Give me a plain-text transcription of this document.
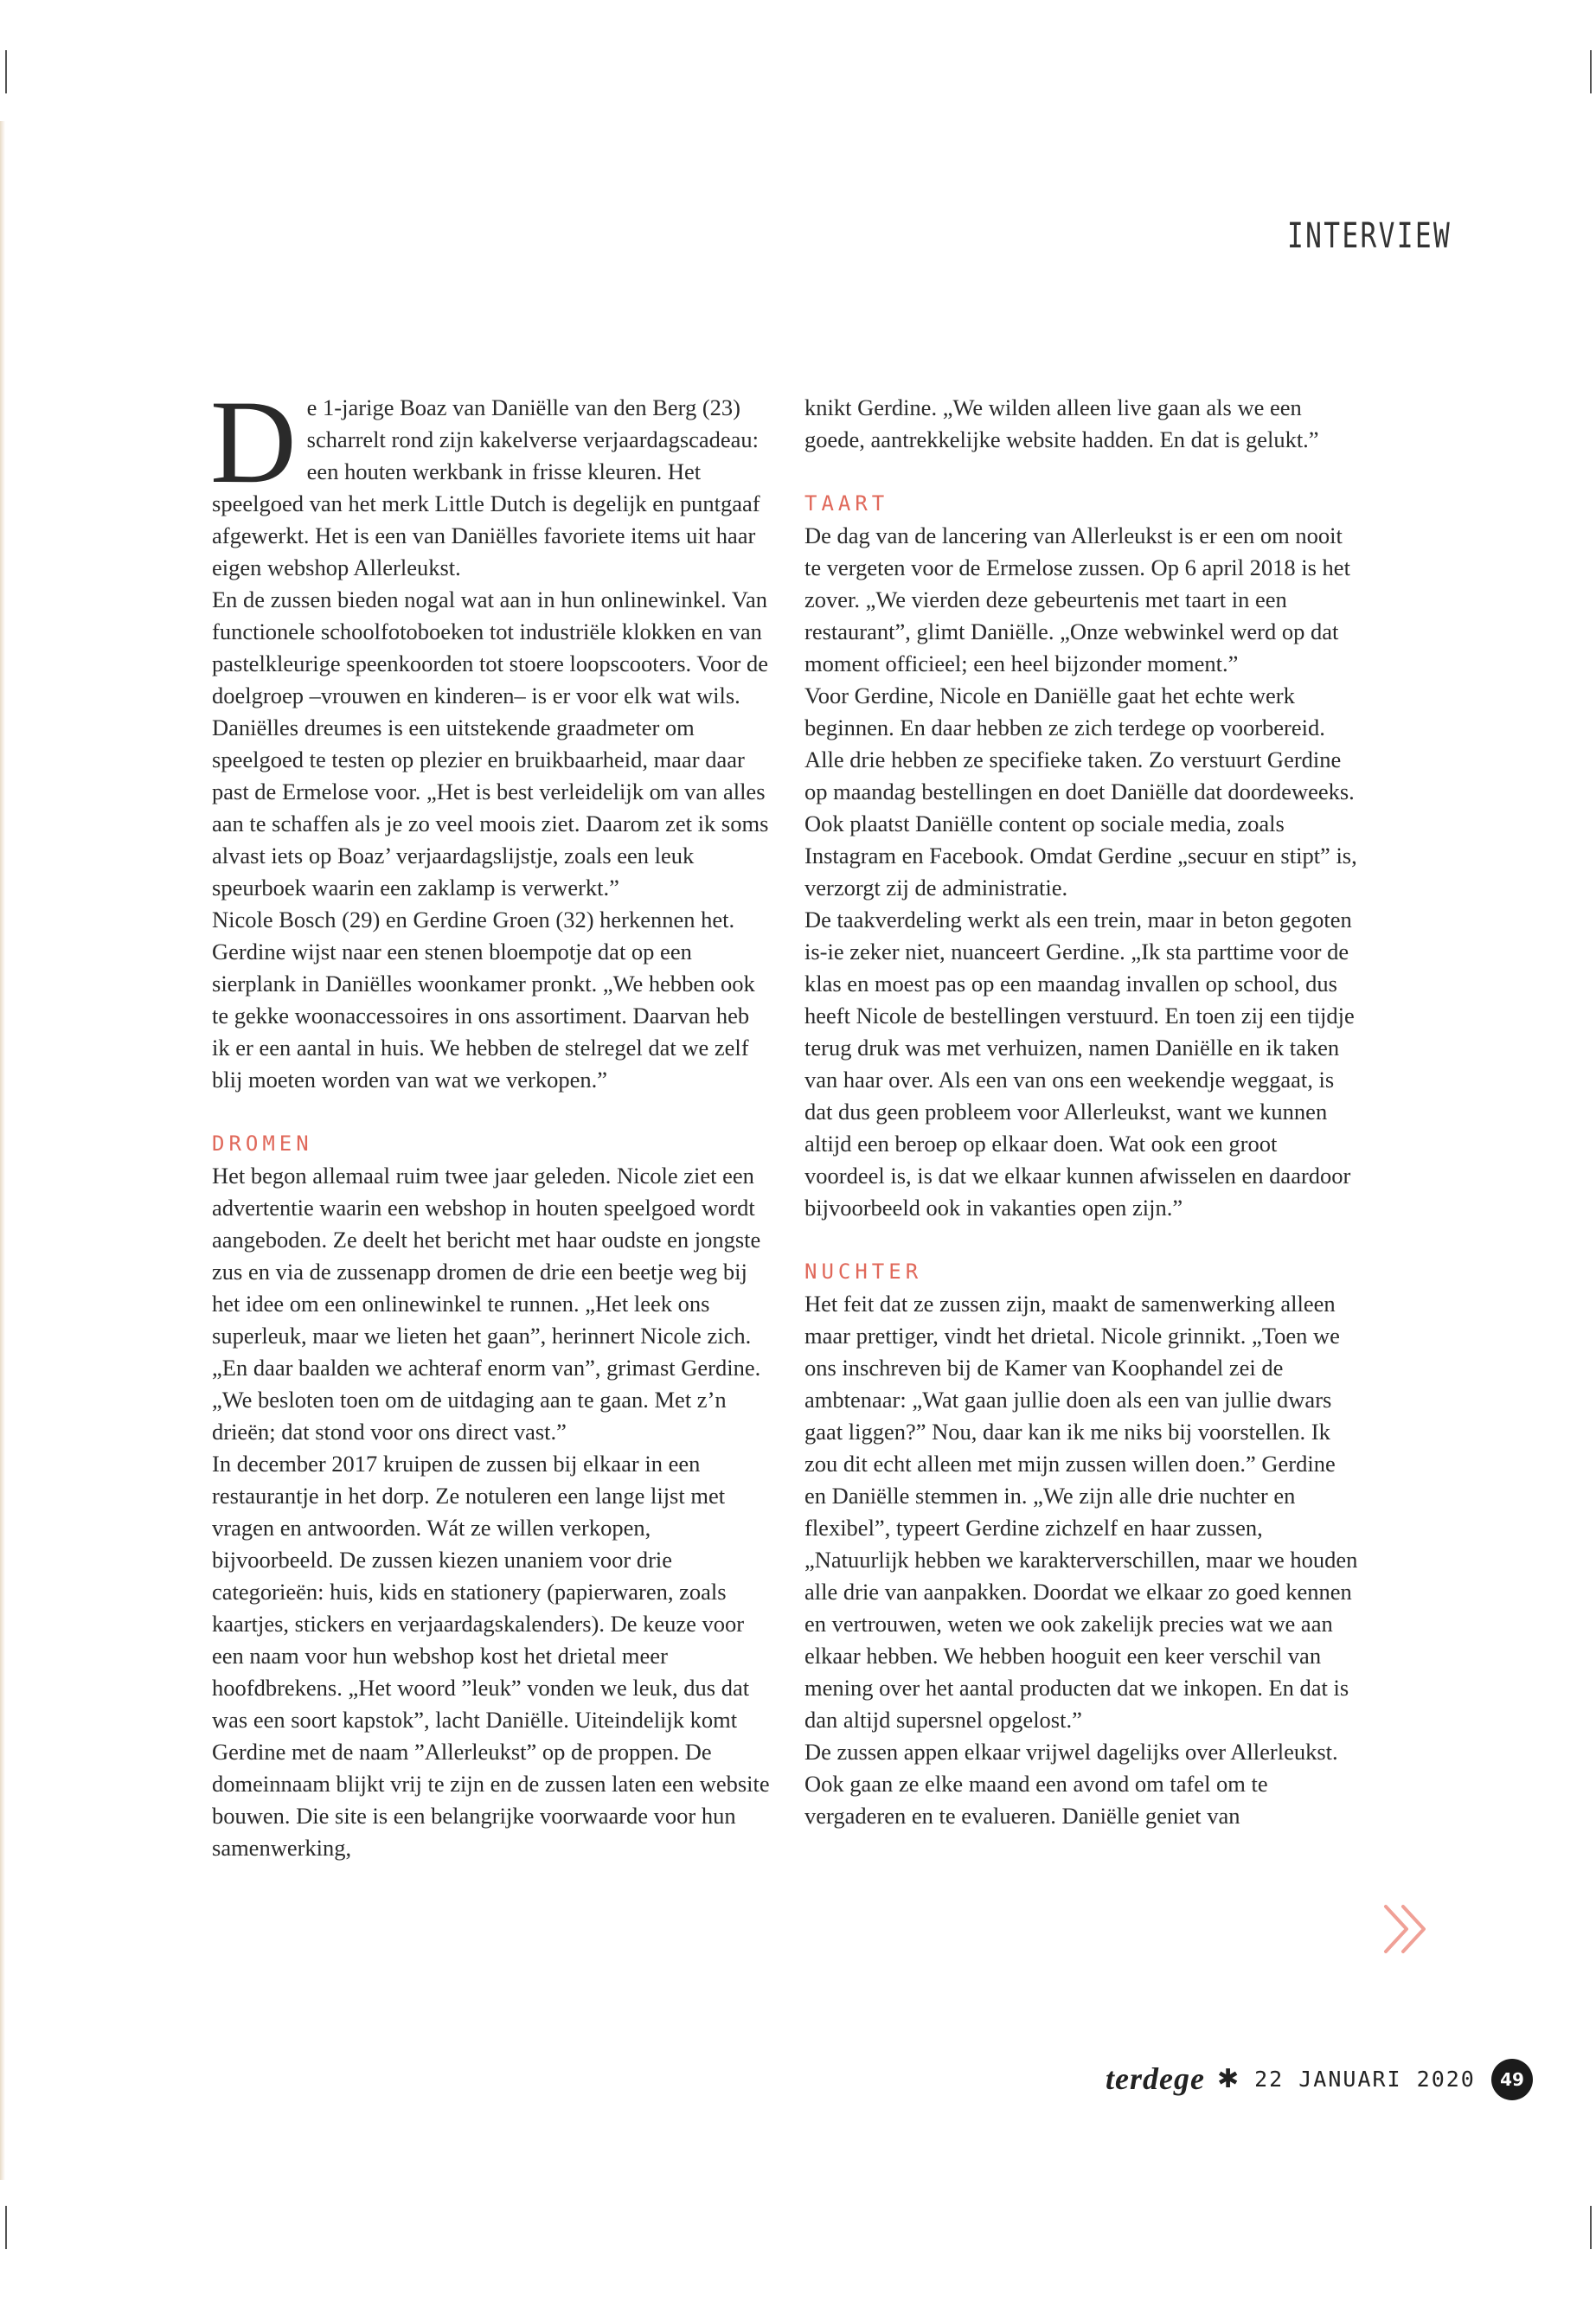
INTERVIEW

De 1-jarige Boaz van Daniëlle van den Berg (23) scharrelt rond zijn kakelverse verjaardagscadeau: een houten werkbank in frisse kleuren. Het speelgoed van het merk Little Dutch is degelijk en puntgaaf afgewerkt. Het is een van Daniëlles favoriete items uit haar eigen webshop Allerleukst.

En de zussen bieden nogal wat aan in hun onlinewinkel. Van functionele schoolfotoboeken tot industriële klokken en van pastelkleurige speenkoorden tot stoere loopscooters. Voor de doelgroep –vrouwen en kinderen– is er voor elk wat wils. Daniëlles dreumes is een uitstekende graadmeter om speelgoed te testen op plezier en bruikbaarheid, maar daar past de Ermelose voor. „Het is best verleidelijk om van alles aan te schaffen als je zo veel moois ziet. Daarom zet ik soms alvast iets op Boaz’ verjaardagslijstje, zoals een leuk speurboek waarin een zaklamp is verwerkt.”

Nicole Bosch (29) en Gerdine Groen (32) herkennen het. Gerdine wijst naar een stenen bloempotje dat op een sierplank in Daniëlles woonkamer pronkt. „We hebben ook te gekke woonaccessoires in ons assortiment. Daarvan heb ik er een aantal in huis. We hebben de stelregel dat we zelf blij moeten worden van wat we verkopen.”

DROMEN

Het begon allemaal ruim twee jaar geleden. Nicole ziet een advertentie waarin een webshop in houten speelgoed wordt aangeboden. Ze deelt het bericht met haar oudste en jongste zus en via de zussenapp dromen de drie een beetje weg bij het idee om een onlinewinkel te runnen. „Het leek ons superleuk, maar we lieten het gaan”, herinnert Nicole zich. „En daar baalden we achteraf enorm van”, grimast Gerdine. „We besloten toen om de uitdaging aan te gaan. Met z’n drieën; dat stond voor ons direct vast.”

In december 2017 kruipen de zussen bij elkaar in een restaurantje in het dorp. Ze notuleren een lange lijst met vragen en antwoorden. Wát ze willen verkopen, bijvoorbeeld. De zussen kiezen unaniem voor drie categorieën: huis, kids en stationery (papierwaren, zoals kaartjes, stickers en verjaardagskalenders). De keuze voor een naam voor hun webshop kost het drietal meer hoofdbrekens. „Het woord ”leuk” vonden we leuk, dus dat was een soort kapstok”, lacht Daniëlle. Uiteindelijk komt Gerdine met de naam ”Allerleukst” op de proppen. De domeinnaam blijkt vrij te zijn en de zussen laten een website bouwen. Die site is een belangrijke voorwaarde voor hun samenwerking,

knikt Gerdine. „We wilden alleen live gaan als we een goede, aantrekkelijke website hadden. En dat is gelukt.”

TAART

De dag van de lancering van Allerleukst is er een om nooit te vergeten voor de Ermelose zussen. Op 6 april 2018 is het zover. „We vierden deze gebeurtenis met taart in een restaurant”, glimt Daniëlle. „Onze webwinkel werd op dat moment officieel; een heel bijzonder moment.”

Voor Gerdine, Nicole en Daniëlle gaat het echte werk beginnen. En daar hebben ze zich terdege op voorbereid. Alle drie hebben ze specifieke taken. Zo verstuurt Gerdine op maandag bestellingen en doet Daniëlle dat doordeweeks. Ook plaatst Daniëlle content op sociale media, zoals Instagram en Facebook. Omdat Gerdine „secuur en stipt” is, verzorgt zij de administratie.

De taakverdeling werkt als een trein, maar in beton gegoten is-ie zeker niet, nuanceert Gerdine. „Ik sta parttime voor de klas en moest pas op een maandag invallen op school, dus heeft Nicole de bestellingen verstuurd. En toen zij een tijdje terug druk was met verhuizen, namen Daniëlle en ik taken van haar over. Als een van ons een weekendje weggaat, is dat dus geen probleem voor Allerleukst, want we kunnen altijd een beroep op elkaar doen. Wat ook een groot voordeel is, is dat we elkaar kunnen afwisselen en daardoor bijvoorbeeld ook in vakanties open zijn.”

NUCHTER

Het feit dat ze zussen zijn, maakt de samenwerking alleen maar prettiger, vindt het drietal. Nicole grinnikt. „Toen we ons inschreven bij de Kamer van Koophandel zei de ambtenaar: „Wat gaan jullie doen als een van jullie dwars gaat liggen?” Nou, daar kan ik me niks bij voorstellen. Ik zou dit echt alleen met mijn zussen willen doen.” Gerdine en Daniëlle stemmen in. „We zijn alle drie nuchter en flexibel”, typeert Gerdine zichzelf en haar zussen, „Natuurlijk hebben we karakterverschillen, maar we houden alle drie van aanpakken. Doordat we elkaar zo goed kennen en vertrouwen, weten we ook zakelijk precies wat we aan elkaar hebben. We hebben hooguit een keer verschil van mening over het aantal producten dat we inkopen. En dat is dan altijd supersnel opgelost.”

De zussen appen elkaar vrijwel dagelijks over Allerleukst. Ook gaan ze elke maand een avond om tafel om te vergaderen en te evalueren. Daniëlle geniet van

terdege ✱ 22 JANUARI 2020	49
